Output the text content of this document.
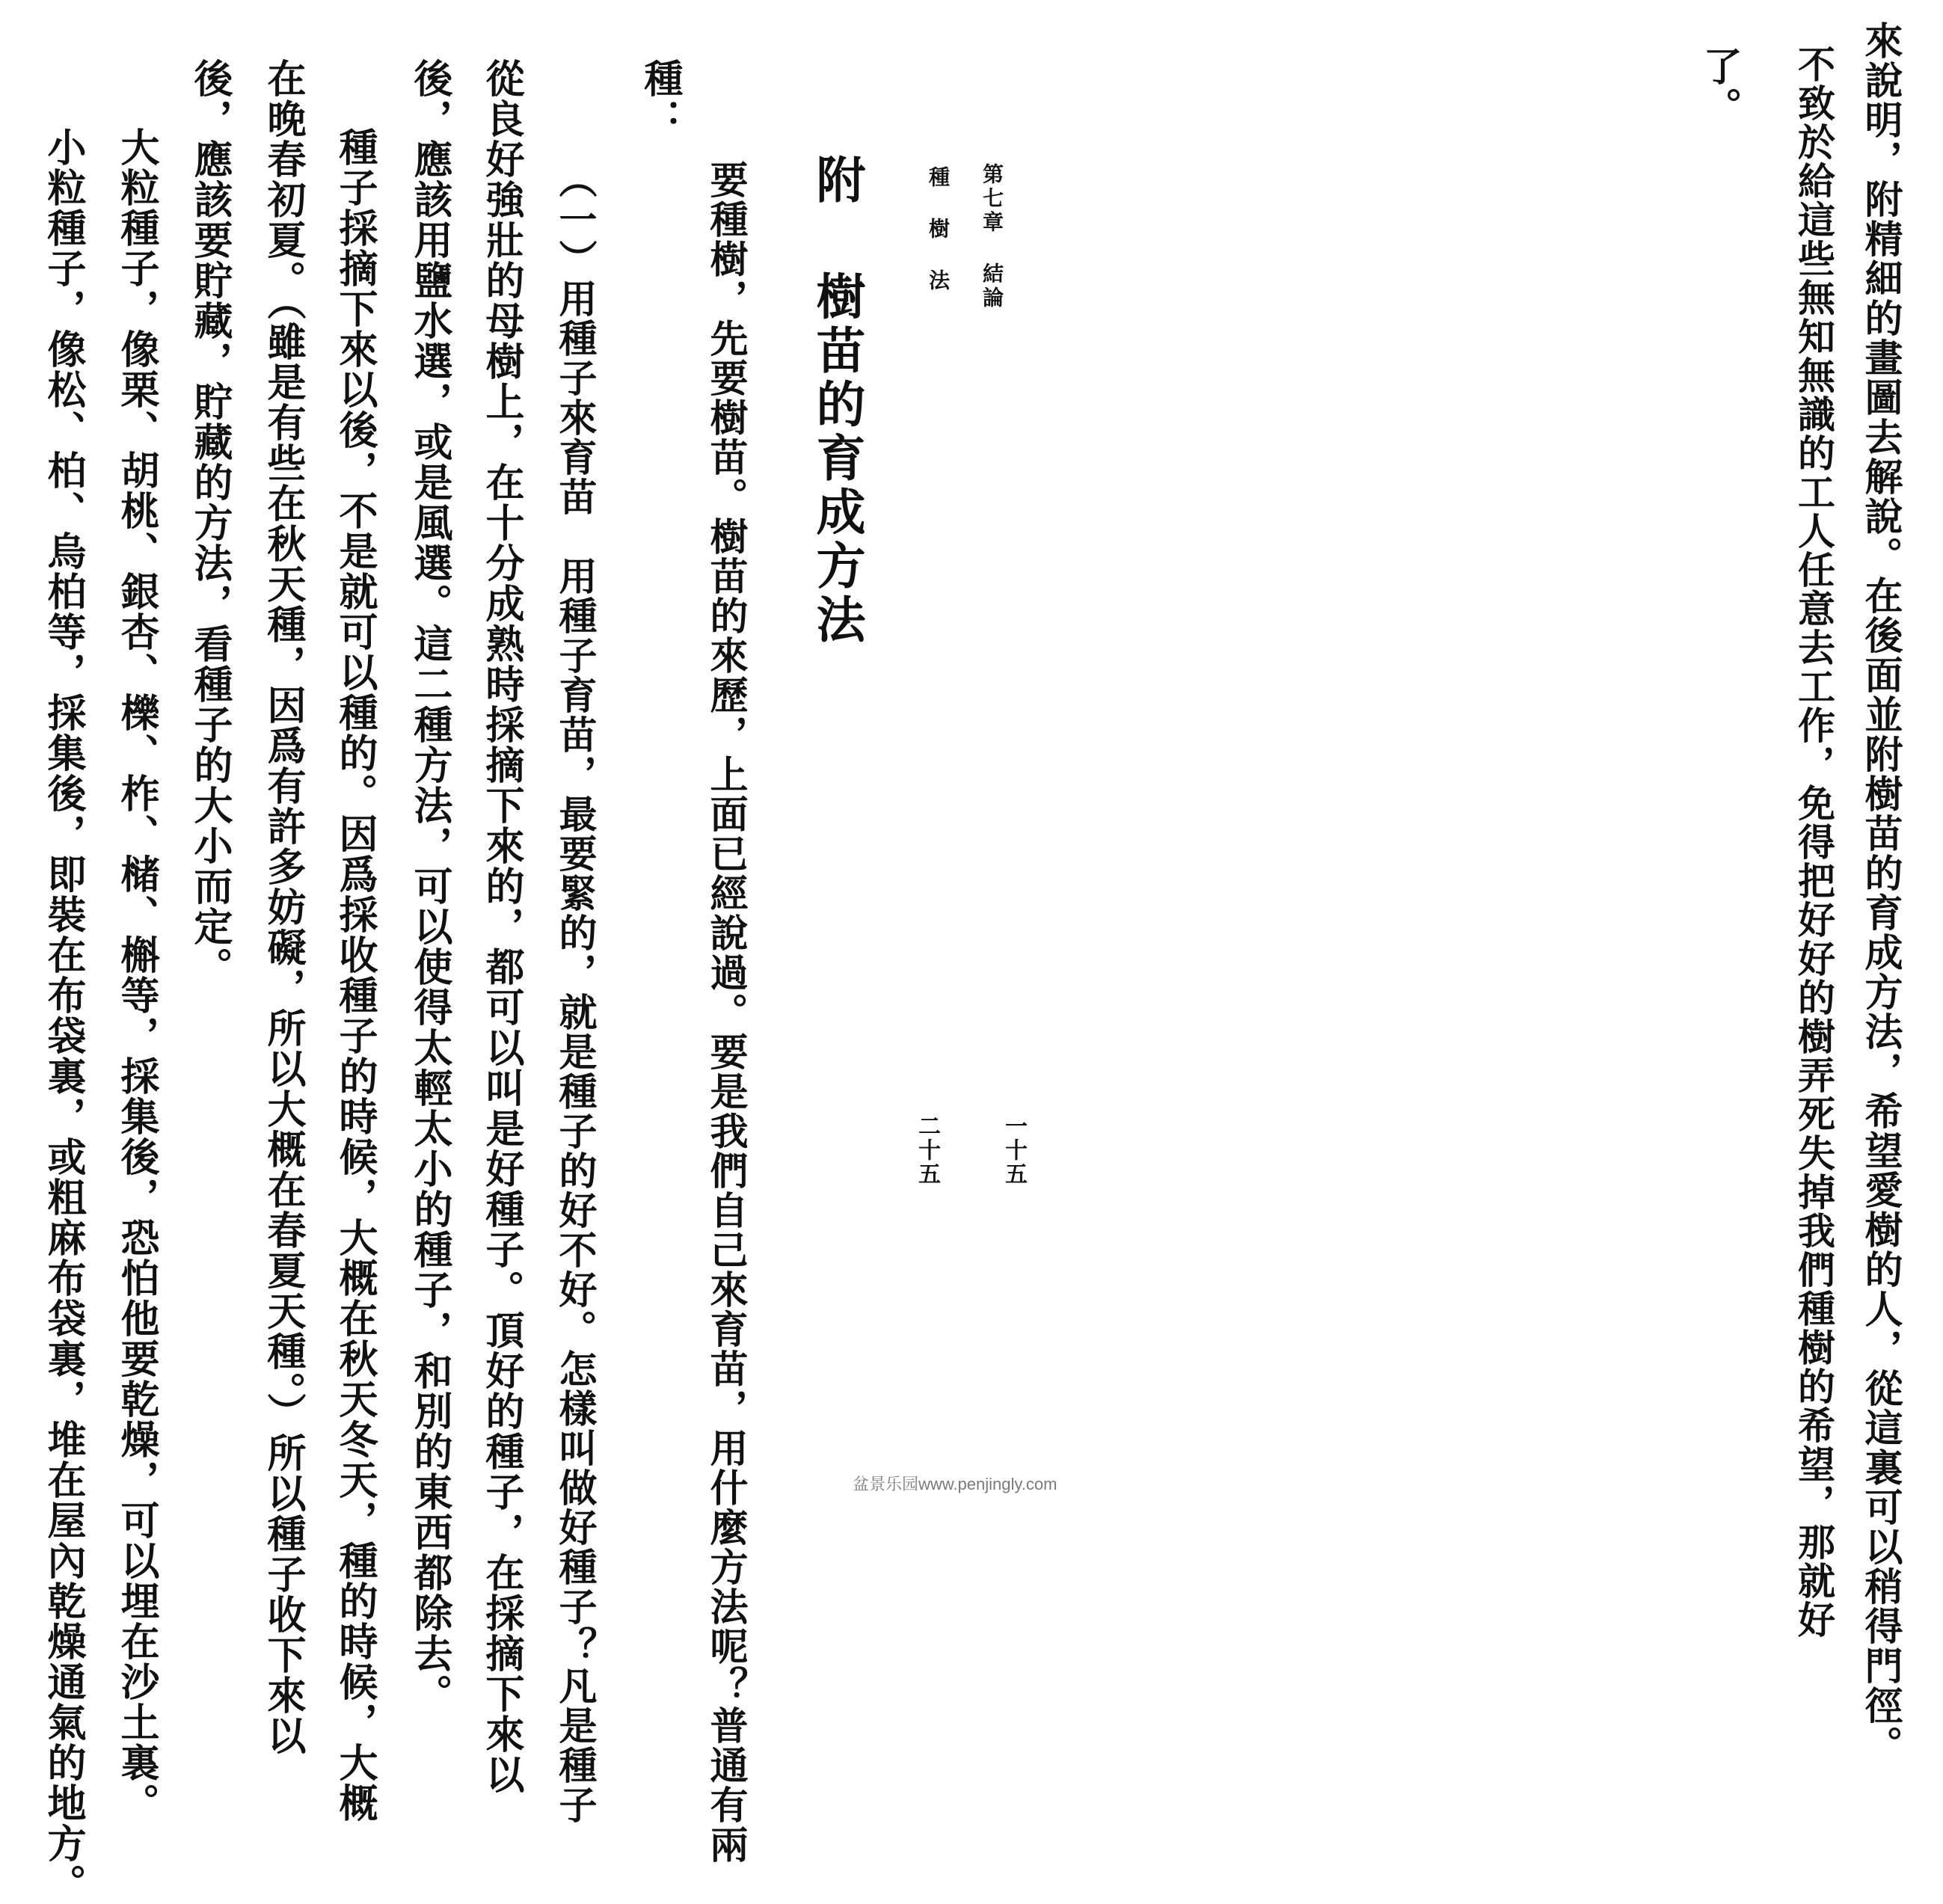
來說明，附精細的畫圖去解說。在後面並附樹苗的育成方法，希望愛樹的人，從這裏可以稍得門徑。
不致於給這些無知無識的工人任意去工作，免得把好好的樹弄死失掉我們種樹的希望，那就好
了。
第七章 結論
種 樹 法
一十五
二十五
附 樹苗的育成方法
要種樹，先要樹苗。樹苗的來歷，上面已經說過。要是我們自己來育苗，用什麼方法呢？普通有兩
種：
（一）用種子來育苗　用種子育苗，最要緊的，就是種子的好不好。怎樣叫做好種子？凡是種子
從良好強壯的母樹上，在十分成熟時採摘下來的，都可以叫是好種子。頂好的種子，在採摘下來以
後，應該用鹽水選，或是風選。這二種方法，可以使得太輕太小的種子，和別的東西都除去。
種子採摘下來以後，不是就可以種的。因爲採收種子的時候，大概在秋天冬天，種的時候，大概
在晚春初夏。（雖是有些在秋天種，因爲有許多妨礙，所以大概在春夏天種。）所以種子收下來以
後，應該要貯藏，貯藏的方法，看種子的大小而定。
大粒種子，像栗、胡桃、銀杏、櫟、柞、槠、槲等，採集後，恐怕他要乾燥，可以埋在沙土裏。
小粒種子，像松、柏、烏柏等，採集後，即裝在布袋裏，或粗麻布袋裏，堆在屋內乾燥通氣的地方。	盆景乐园www.penjingly.com
